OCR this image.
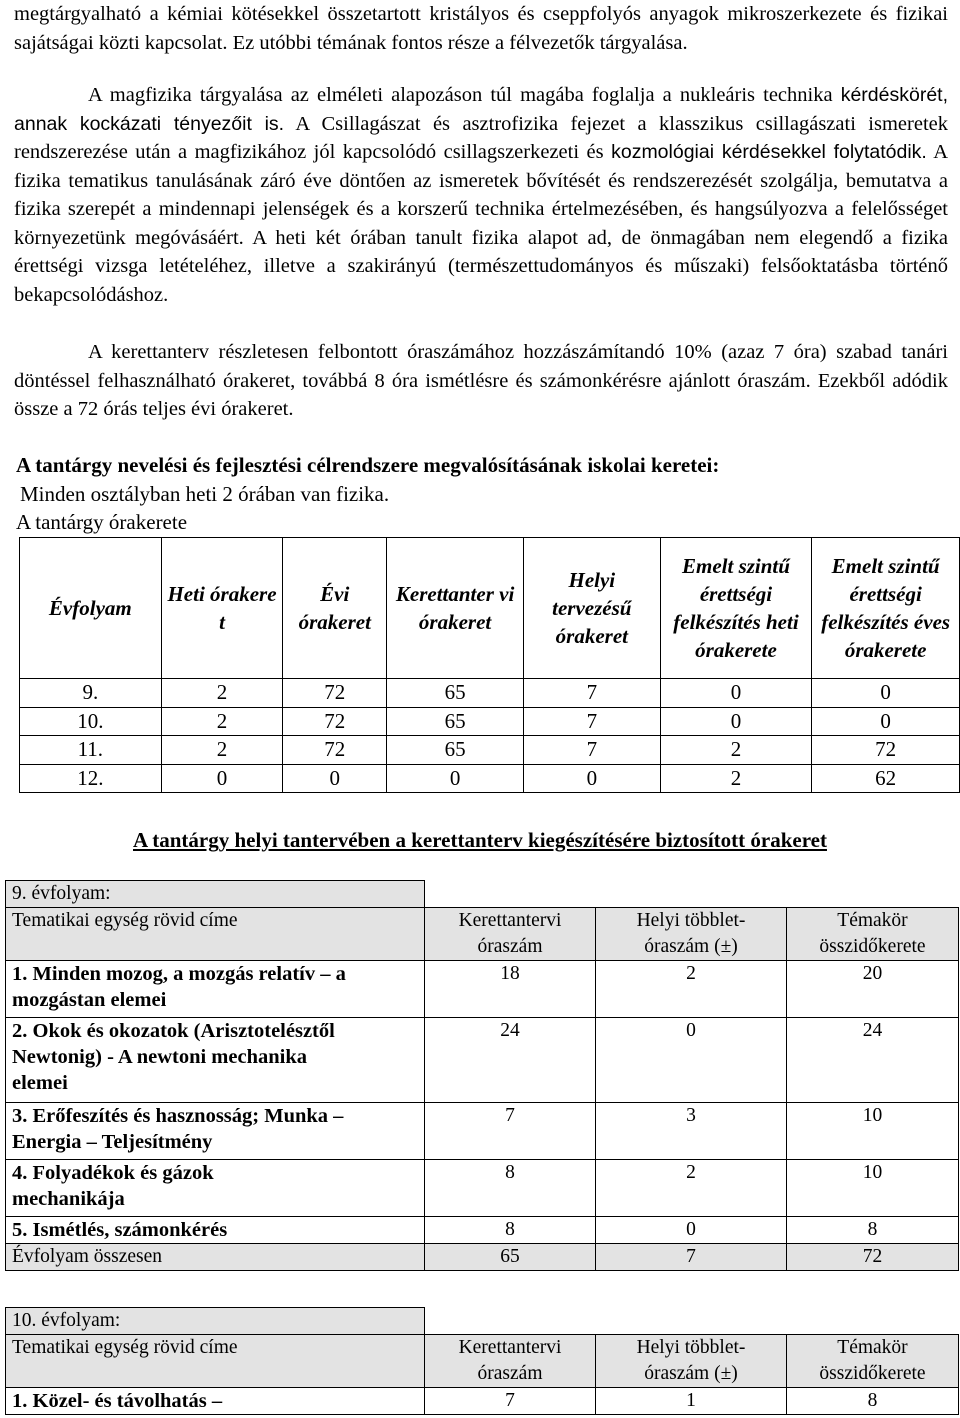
megtárgyalható a kémiai kötésekkel összetartott kristályos és cseppfolyós anyagok mikroszerkezete és fizikai sajátságai közti kapcsolat. Ez utóbbi témának fontos része a félvezetők tárgyalása.

A magfizika tárgyalása az elméleti alapozáson túl magába foglalja a nukleáris technika kérdéskörét, annak kockázati tényezőit is. A Csillagászat és asztrofizika fejezet a klasszikus csillagászati ismeretek rendszerezése után a magfizikához jól kapcsolódó csillagszerkezeti és kozmológiai kérdésekkel folytatódik. A fizika tematikus tanulásának záró éve döntően az ismeretek bővítését és rendszerezését szolgálja, bemutatva a fizika szerepét a mindennapi jelenségek és a korszerű technika értelmezésében, és hangsúlyozva a felelősséget környezetünk megóvásáért. A heti két órában tanult fizika alapot ad, de önmagában nem elegendő a fizika érettségi vizsga letételéhez, illetve a szakirányú (természettudományos és műszaki) felsőoktatásba történő bekapcsolódáshoz.

A kerettanterv részletesen felbontott óraszámához hozzászámítandó 10% (azaz 7 óra) szabad tanári döntéssel felhasználható órakeret, továbbá 8 óra ismétlésre és számonkérésre ajánlott óraszám. Ezekből adódik össze a 72 órás teljes évi órakeret.

A tantárgy nevelési és fejlesztési célrendszere megvalósításának iskolai keretei:

Minden osztályban heti 2 órában van fizika.

A tantárgy órakerete

Évfolyam	Heti órakere t	Évi órakeret	Kerettanter vi órakeret	Helyi tervezésű órakeret	Emelt szintű érettségi felkészítés heti órakerete	Emelt szintű érettségi felkészítés éves órakerete
9.	2	72	65	7	0	0
10.	2	72	65	7	0	0
11.	2	72	65	7	2	72
12.	0	0	0	0	2	62
A tantárgy helyi tantervében a kerettanterv kiegészítésére biztosított órakeret
9. évfolyam:			
Tematikai egység rövid címe	Kerettantervi óraszám	Helyi többlet- óraszám (±)	Témakör összidőkerete
1. Minden mozog, a mozgás relatív – a mozgástan elemei	18	2	20
2. Okok és okozatok (Arisztotelésztől Newtonig) - A newtoni mechanika elemei	24	0	24
3. Erőfeszítés és hasznosság; Munka – Energia – Teljesítmény	7	3	10
4. Folyadékok és gázok mechanikája	8	2	10
5. Ismétlés, számonkérés	8	0	8
Évfolyam összesen	65	7	72
10. évfolyam:			
Tematikai egység rövid címe	Kerettantervi óraszám	Helyi többlet- óraszám (±)	Témakör összidőkerete
1. Közel- és távolhatás –	7	1	8
